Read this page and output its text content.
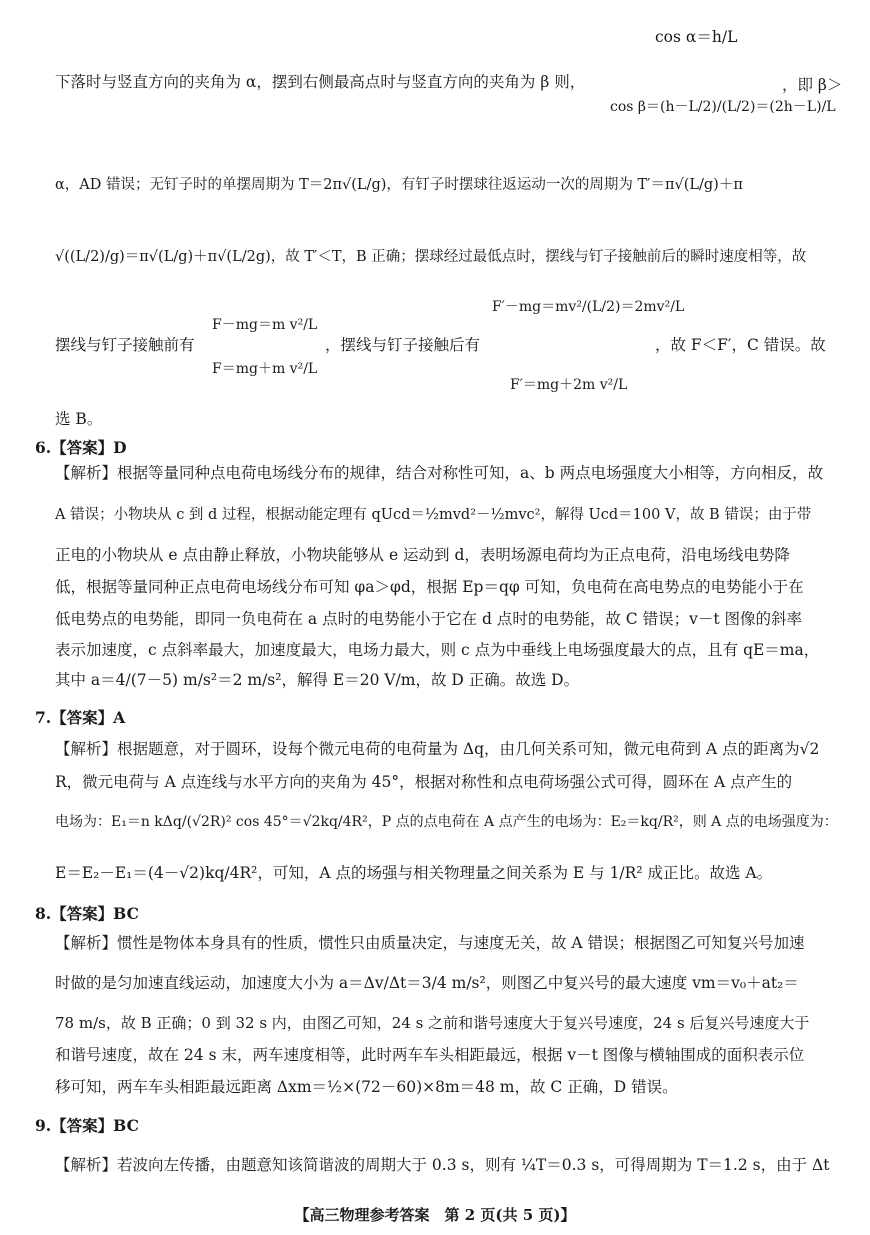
cos α＝h/L
下落时与竖直方向的夹角为 α，摆到右侧最高点时与竖直方向的夹角为 β 则，
cos β＝(h－L/2)/(L/2)＝(2h－L)/L
，即 β＞
α，AD 错误；无钉子时的单摆周期为 T＝2π√(L/g)，有钉子时摆球往返运动一次的周期为 T′＝π√(L/g)＋π
√((L/2)/g)＝π√(L/g)＋π√(L/2g)，故 T′＜T，B 正确；摆球经过最低点时，摆线与钉子接触前后的瞬时速度相等，故
F－mg＝m v²/L
摆线与钉子接触前有
F＝mg＋m v²/L
，摆线与钉子接触后有
F′－mg＝mv²/(L/2)＝2mv²/L
F′＝mg＋2m v²/L
，故 F＜F′，C 错误。故
选 B。
6.【答案】D
【解析】根据等量同种点电荷电场线分布的规律，结合对称性可知，a、b 两点电场强度大小相等，方向相反，故
A 错误；小物块从 c 到 d 过程，根据动能定理有 qUcd＝½mvd²－½mvc²，解得 Ucd＝100 V，故 B 错误；由于带
正电的小物块从 e 点由静止释放，小物块能够从 e 运动到 d，表明场源电荷均为正点电荷，沿电场线电势降
低，根据等量同种正点电荷电场线分布可知 φa＞φd，根据 Ep＝qφ 可知，负电荷在高电势点的电势能小于在
低电势点的电势能，即同一负电荷在 a 点时的电势能小于它在 d 点时的电势能，故 C 错误；v－t 图像的斜率
表示加速度，c 点斜率最大，加速度最大，电场力最大，则 c 点为中垂线上电场强度最大的点，且有 qE＝ma，
其中 a＝4/(7－5) m/s²＝2 m/s²，解得 E＝20 V/m，故 D 正确。故选 D。
7.【答案】A
【解析】根据题意，对于圆环，设每个微元电荷的电荷量为 Δq，由几何关系可知，微元电荷到 A 点的距离为√2
R，微元电荷与 A 点连线与水平方向的夹角为 45°，根据对称性和点电荷场强公式可得，圆环在 A 点产生的
电场为：E₁＝n kΔq/(√2R)² cos 45°＝√2kq/4R²，P 点的点电荷在 A 点产生的电场为：E₂＝kq/R²，则 A 点的电场强度为：
E＝E₂－E₁＝(4－√2)kq/4R²，可知，A 点的场强与相关物理量之间关系为 E 与 1/R² 成正比。故选 A。
8.【答案】BC
【解析】惯性是物体本身具有的性质，惯性只由质量决定，与速度无关，故 A 错误；根据图乙可知复兴号加速
时做的是匀加速直线运动，加速度大小为 a＝Δv/Δt＝3/4 m/s²，则图乙中复兴号的最大速度 vm＝v₀＋at₂＝
78 m/s，故 B 正确；0 到 32 s 内，由图乙可知，24 s 之前和谐号速度大于复兴号速度，24 s 后复兴号速度大于
和谐号速度，故在 24 s 末，两车速度相等，此时两车车头相距最远，根据 v－t 图像与横轴围成的面积表示位
移可知，两车车头相距最远距离 Δxm＝½×(72－60)×8m＝48 m，故 C 正确，D 错误。
9.【答案】BC
【解析】若波向左传播，由题意知该简谐波的周期大于 0.3 s，则有 ¼T＝0.3 s，可得周期为 T＝1.2 s，由于 Δt
【高三物理参考答案　第 2 页(共 5 页)】
